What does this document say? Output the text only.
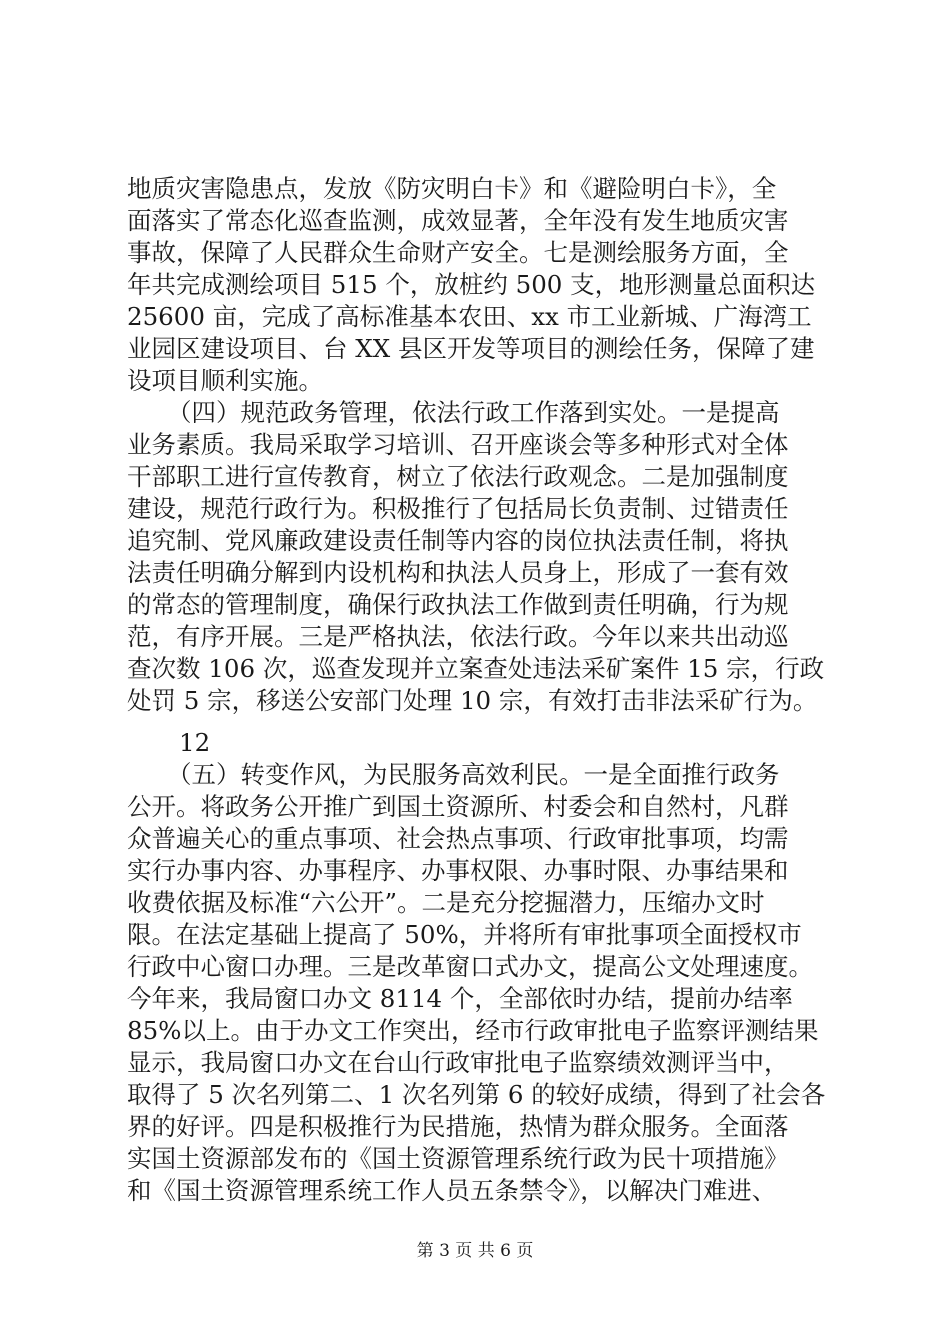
地质灾害隐患点，发放《防灾明白卡》和《避险明白卡》，全
面落实了常态化巡查监测，成效显著，全年没有发生地质灾害
事故，保障了人民群众生命财产安全。七是测绘服务方面，全
年共完成测绘项目 515 个，放桩约 500 支，地形测量总面积达
25600 亩，完成了高标准基本农田、xx 市工业新城、广海湾工
业园区建设项目、台 XX 县区开发等项目的测绘任务，保障了建
设项目顺利实施。
（四）规范政务管理，依法行政工作落到实处。一是提高
业务素质。我局采取学习培训、召开座谈会等多种形式对全体
干部职工进行宣传教育，树立了依法行政观念。二是加强制度
建设，规范行政行为。积极推行了包括局长负责制、过错责任
追究制、党风廉政建设责任制等内容的岗位执法责任制，将执
法责任明确分解到内设机构和执法人员身上，形成了一套有效
的常态的管理制度，确保行政执法工作做到责任明确，行为规
范，有序开展。三是严格执法，依法行政。今年以来共出动巡
查次数 106 次，巡查发现并立案查处违法采矿案件 15 宗，行政
处罚 5 宗，移送公安部门处理 10 宗，有效打击非法采矿行为。
12
（五）转变作风，为民服务高效利民。一是全面推行政务
公开。将政务公开推广到国土资源所、村委会和自然村，凡群
众普遍关心的重点事项、社会热点事项、行政审批事项，均需
实行办事内容、办事程序、办事权限、办事时限、办事结果和
收费依据及标准“六公开”。二是充分挖掘潜力，压缩办文时
限。在法定基础上提高了 50%，并将所有审批事项全面授权市
行政中心窗口办理。三是改革窗口式办文，提高公文处理速度。
今年来，我局窗口办文 8114 个，全部依时办结，提前办结率
85%以上。由于办文工作突出，经市行政审批电子监察评测结果
显示，我局窗口办文在台山行政审批电子监察绩效测评当中，
取得了 5 次名列第二、1 次名列第 6 的较好成绩，得到了社会各
界的好评。四是积极推行为民措施，热情为群众服务。全面落
实国土资源部发布的《国土资源管理系统行政为民十项措施》
和《国土资源管理系统工作人员五条禁令》，以解决门难进、
第 3 页 共 6 页
